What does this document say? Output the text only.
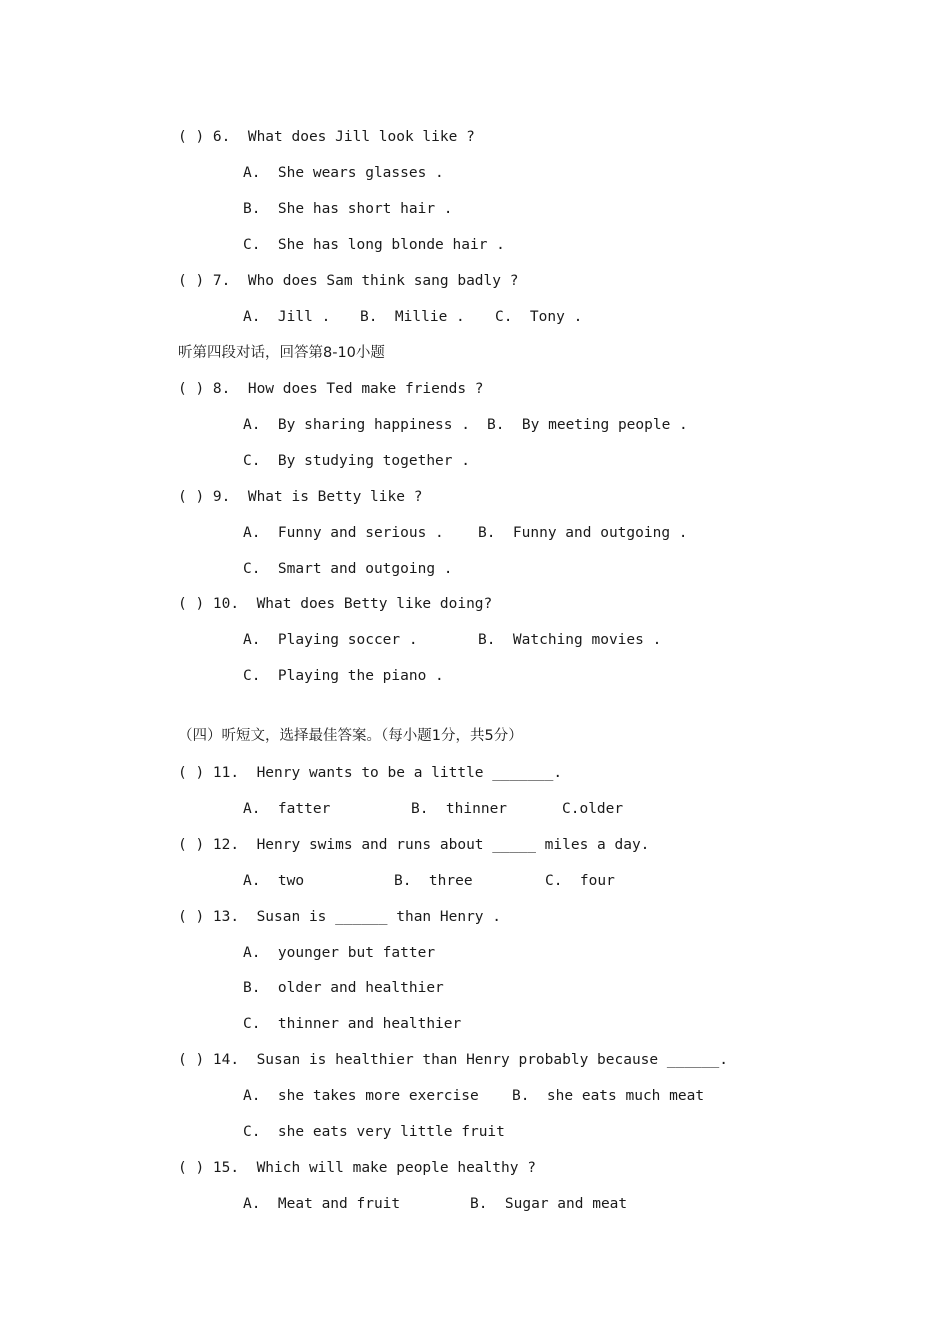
( ) 6.  What does Jill look like ?
A.  She wears glasses .
B.  She has short hair .
C.  She has long blonde hair .
( ) 7.  Who does Sam think sang badly ?
A.  Jill . B.  Millie . C.  Tony .
听第四段对话，回答第8-10小题
( ) 8.  How does Ted make friends ?
A.  By sharing happiness . B.  By meeting people .
C.  By studying together .
( ) 9.  What is Betty like ?
A.  Funny and serious . B.  Funny and outgoing .
C.  Smart and outgoing .
( ) 10.  What does Betty like doing?
A.  Playing soccer .	B.  Watching movies .
C.  Playing the piano .
（四）听短文，选择最佳答案。（每小题1分，共5分）
( ) 11.  Henry wants to be a little _______.
A.  fatter	B.  thinner	C.older
( ) 12.  Henry swims and runs about _____ miles a day.
A.  two	B.  three	C.  four
( ) 13.  Susan is ______ than Henry .
A.  younger but fatter
B.  older and healthier
C.  thinner and healthier
( ) 14.  Susan is healthier than Henry probably because ______.
A.  she takes more exercise B.  she eats much meat
C.  she eats very little fruit
( ) 15.  Which will make people healthy ?
A.  Meat and fruit	B.  Sugar and meat
